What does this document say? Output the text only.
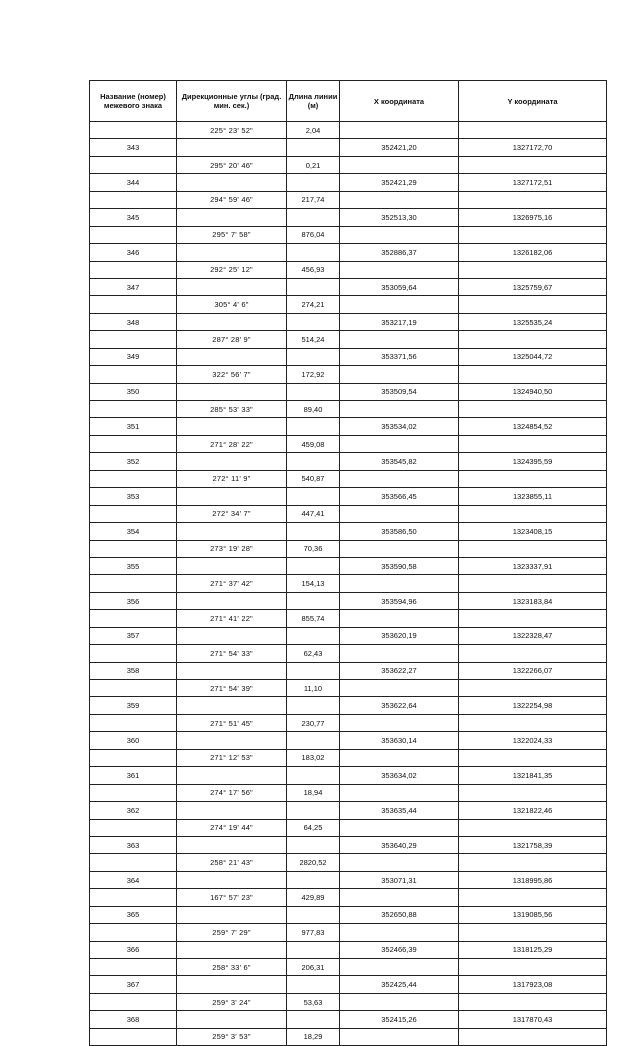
Название (номер) межевого знака	Дирекционные углы (град. мин. сек.)	Длина линии (м)	X координата	Y координата
	225° 23' 52"	2,04		
343			352421,20	1327172,70
	295° 20' 46"	0,21		
344			352421,29	1327172,51
	294° 59' 46"	217,74		
345			352513,30	1326975,16
	295° 7' 58"	876,04		
346			352886,37	1326182,06
	292° 25' 12"	456,93		
347			353059,64	1325759,67
	305° 4' 6"	274,21		
348			353217,19	1325535,24
	287° 28' 9"	514,24		
349			353371,56	1325044,72
	322° 56' 7"	172,92		
350			353509,54	1324940,50
	285° 53' 33"	89,40		
351			353534,02	1324854,52
	271° 28' 22"	459,08		
352			353545,82	1324395,59
	272° 11' 9"	540,87		
353			353566,45	1323855,11
	272° 34' 7"	447,41		
354			353586,50	1323408,15
	273° 19' 28"	70,36		
355			353590,58	1323337,91
	271° 37' 42"	154,13		
356			353594,96	1323183,84
	271° 41' 22"	855,74		
357			353620,19	1322328,47
	271° 54' 33"	62,43		
358			353622,27	1322266,07
	271° 54' 39"	11,10		
359			353622,64	1322254,98
	271° 51' 45"	230,77		
360			353630,14	1322024,33
	271° 12' 53"	183,02		
361			353634,02	1321841,35
	274° 17' 56"	18,94		
362			353635,44	1321822,46
	274° 19' 44"	64,25		
363			353640,29	1321758,39
	258° 21' 43"	2820,52		
364			353071,31	1318995,86
	167° 57' 23"	429,89		
365			352650,88	1319085,56
	259° 7' 29"	977,83		
366			352466,39	1318125,29
	258° 33' 6"	206,31		
367			352425,44	1317923,08
	259° 3' 24"	53,63		
368			352415,26	1317870,43
	259° 3' 53"	18,29		
